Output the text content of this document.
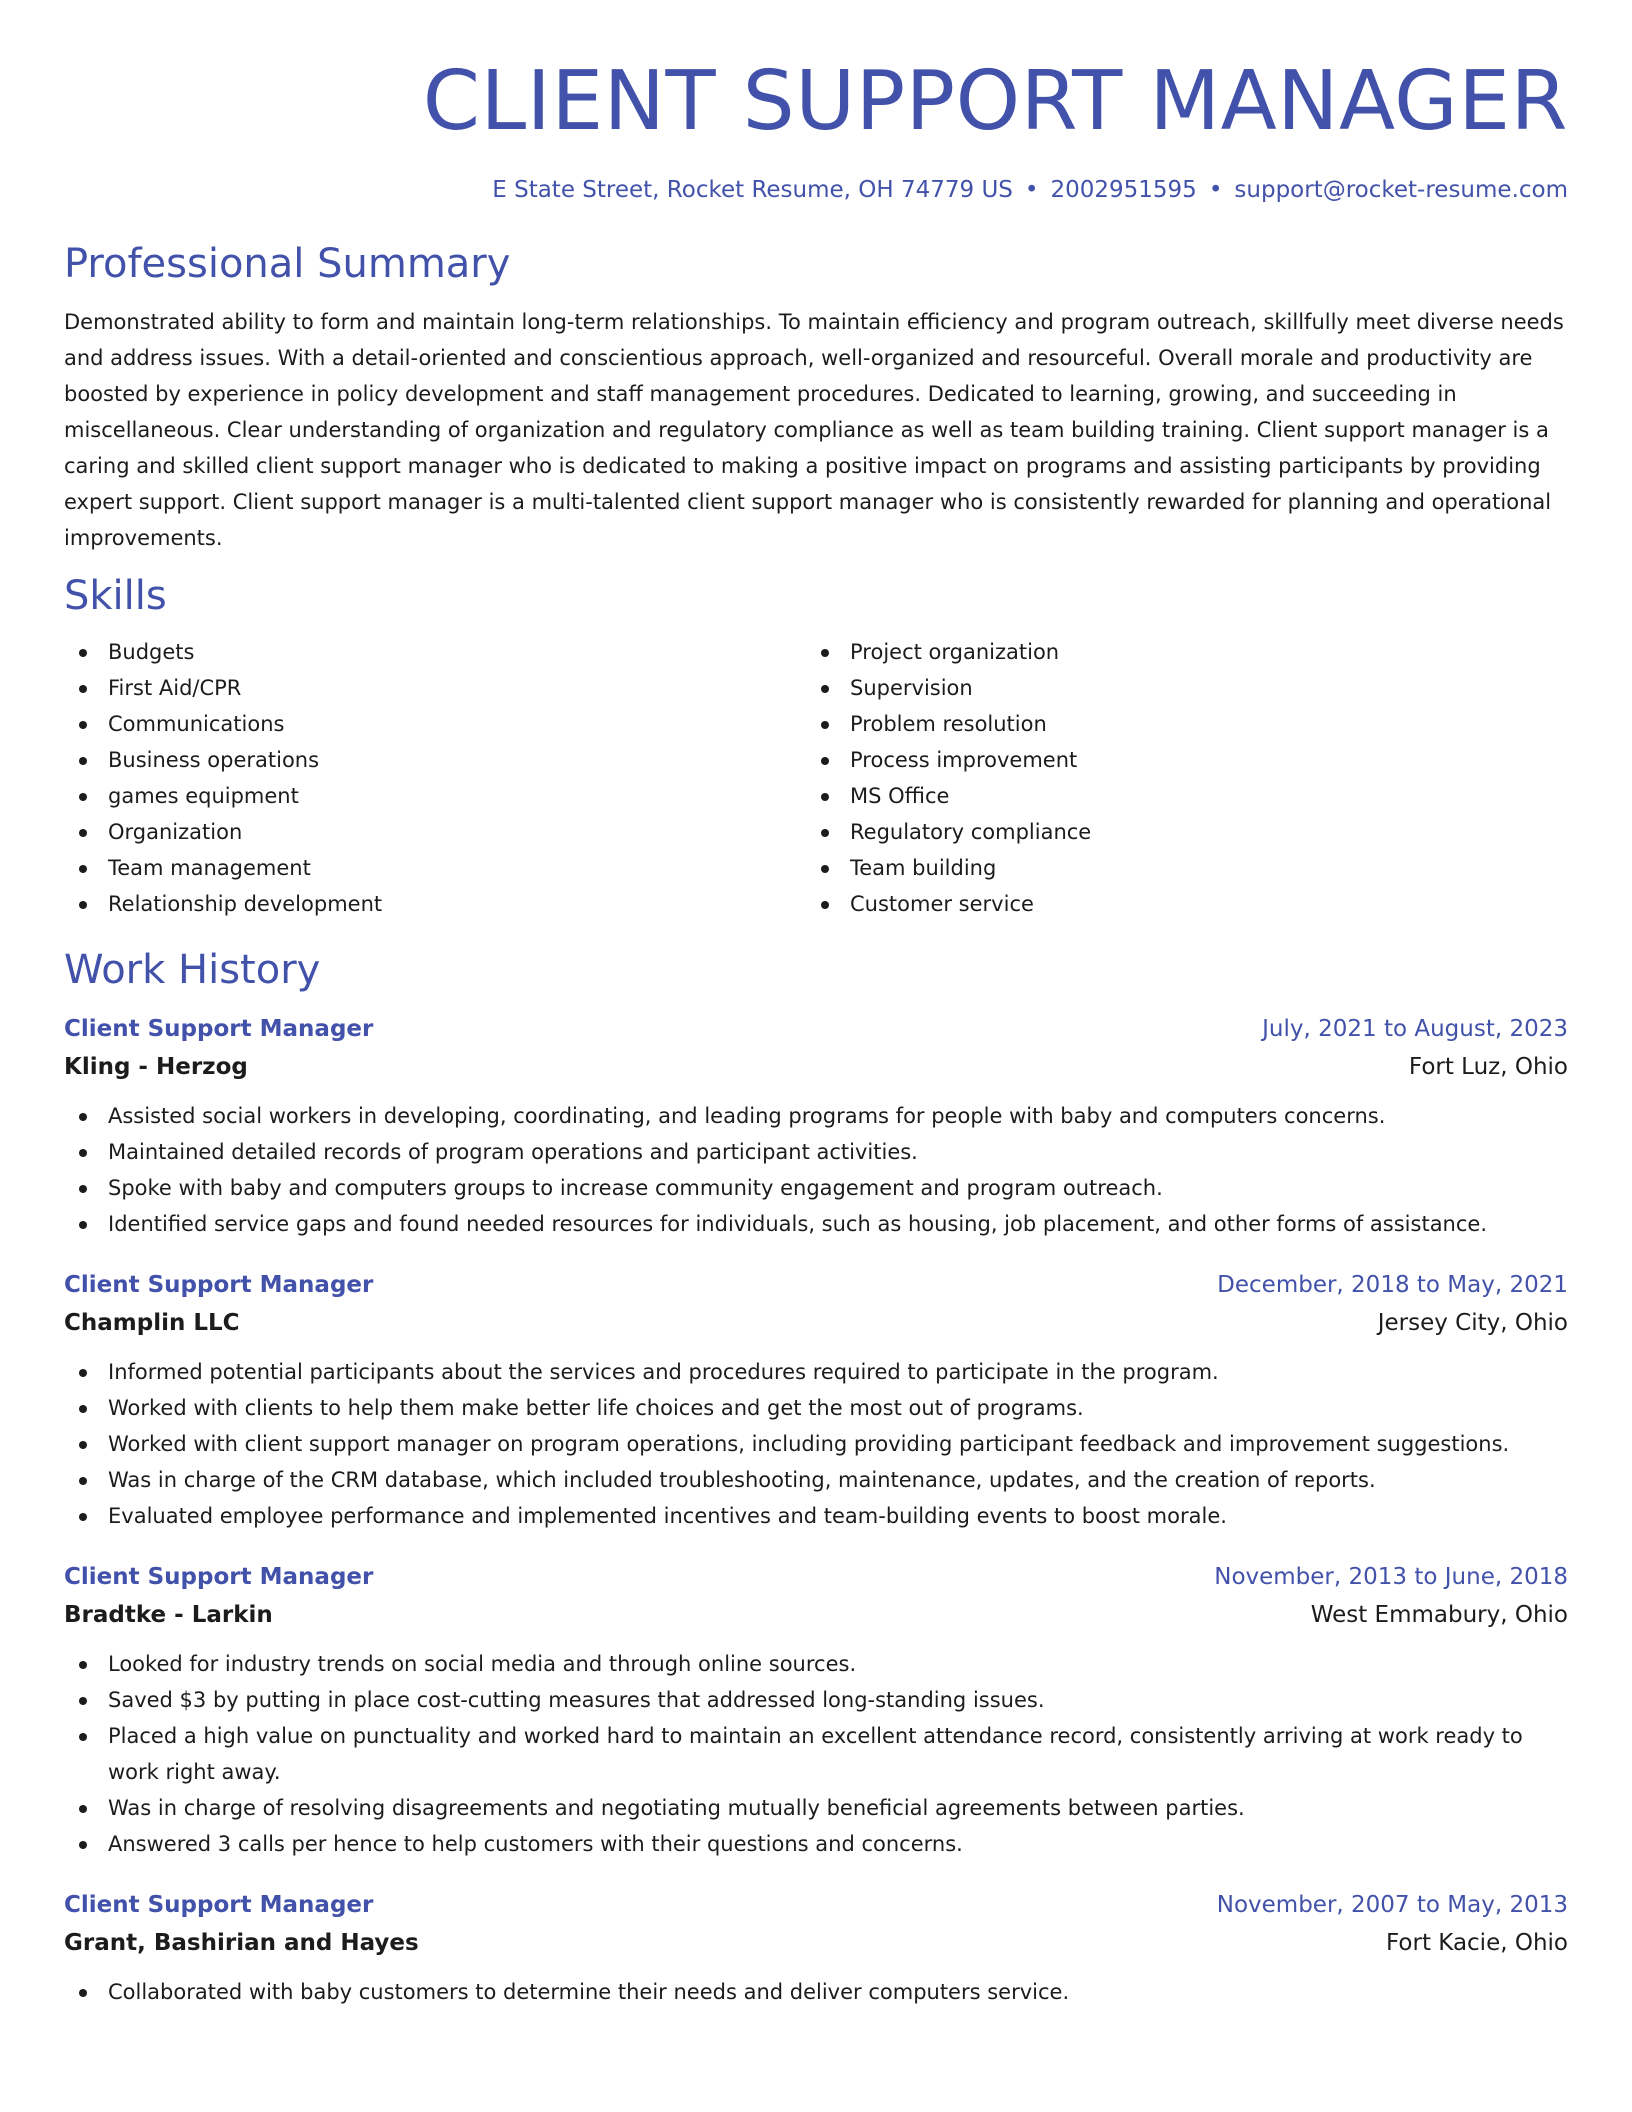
CLIENT SUPPORT MANAGER
E State Street, Rocket Resume, OH 74779 US • 2002951595 • support@rocket-resume.com
Professional Summary
Demonstrated ability to form and maintain long-term relationships. To maintain efficiency and program outreach, skillfully meet diverse needs and address issues. With a detail-oriented and conscientious approach, well-organized and resourceful. Overall morale and productivity are boosted by experience in policy development and staff management procedures. Dedicated to learning, growing, and succeeding in miscellaneous. Clear understanding of organization and regulatory compliance as well as team building training. Client support manager is a caring and skilled client support manager who is dedicated to making a positive impact on programs and assisting participants by providing expert support. Client support manager is a multi-talented client support manager who is consistently rewarded for planning and operational improvements.
Skills
Budgets
First Aid/CPR
Communications
Business operations
games equipment
Organization
Team management
Relationship development
Project organization
Supervision
Problem resolution
Process improvement
MS Office
Regulatory compliance
Team building
Customer service
Work History
Client Support Manager	July, 2021 to August, 2023
Kling - Herzog	Fort Luz, Ohio
Assisted social workers in developing, coordinating, and leading programs for people with baby and computers concerns.
Maintained detailed records of program operations and participant activities.
Spoke with baby and computers groups to increase community engagement and program outreach.
Identified service gaps and found needed resources for individuals, such as housing, job placement, and other forms of assistance.
Client Support Manager	December, 2018 to May, 2021
Champlin LLC	Jersey City, Ohio
Informed potential participants about the services and procedures required to participate in the program.
Worked with clients to help them make better life choices and get the most out of programs.
Worked with client support manager on program operations, including providing participant feedback and improvement suggestions.
Was in charge of the CRM database, which included troubleshooting, maintenance, updates, and the creation of reports.
Evaluated employee performance and implemented incentives and team-building events to boost morale.
Client Support Manager	November, 2013 to June, 2018
Bradtke - Larkin	West Emmabury, Ohio
Looked for industry trends on social media and through online sources.
Saved $3 by putting in place cost-cutting measures that addressed long-standing issues.
Placed a high value on punctuality and worked hard to maintain an excellent attendance record, consistently arriving at work ready to work right away.
Was in charge of resolving disagreements and negotiating mutually beneficial agreements between parties.
Answered 3 calls per hence to help customers with their questions and concerns.
Client Support Manager	November, 2007 to May, 2013
Grant, Bashirian and Hayes	Fort Kacie, Ohio
Collaborated with baby customers to determine their needs and deliver computers service.
